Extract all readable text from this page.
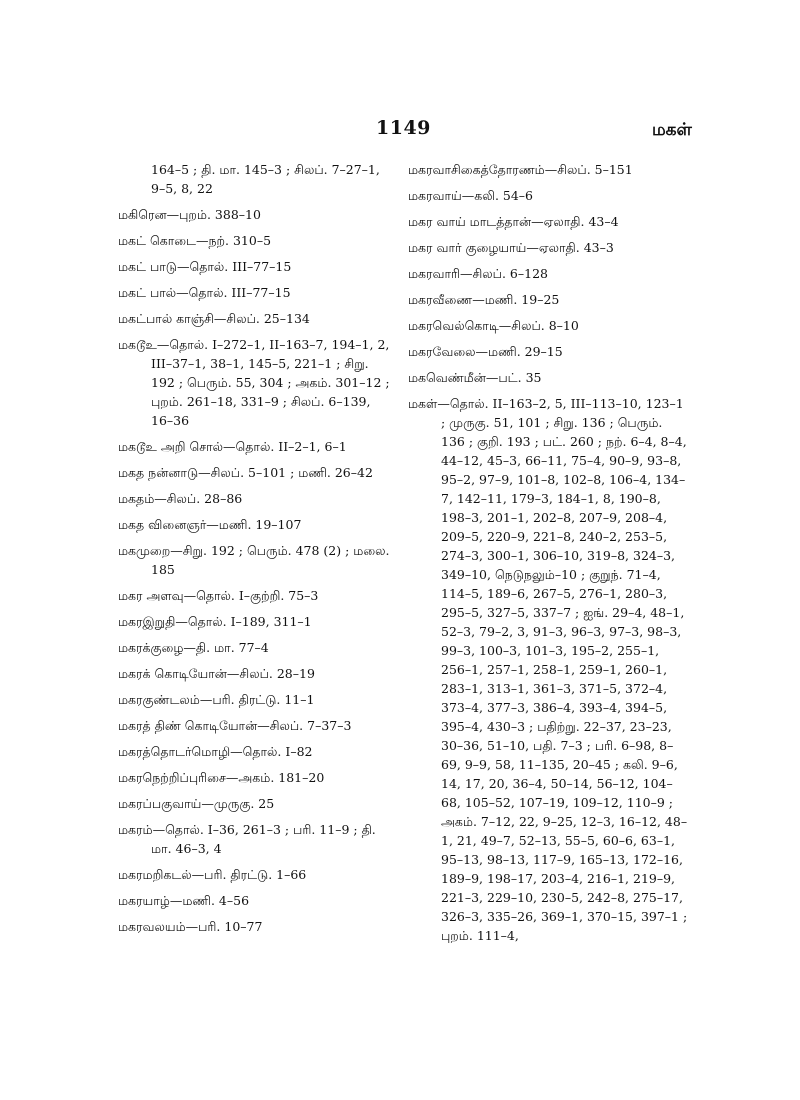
1149	மகள்
164–5 ; தி. மா. 145–3 ; சிலப். 7–27–1, 9–5, 8, 22
மகிரென—புறம். 388–10
மகட் கொடை—நற். 310–5
மகட் பாடு—தொல். III–77–15
மகட் பால்—தொல். III–77–15
மகட்பால் காஞ்சி—சிலப். 25–134
மகடூஉ—தொல். I–272–1, II–163–7, 194–1, 2, III–37–1, 38–1, 145–5, 221–1 ; சிறு. 192 ; பெரும். 55, 304 ; அகம். 301–12 ; புறம். 261–18, 331–9 ; சிலப். 6–139, 16–36
மகடூஉ அறி சொல்—தொல். II–2–1, 6–1
மகத நன்னாடு—சிலப். 5–101 ; மணி. 26–42
மகதம்—சிலப். 28–86
மகத வினைஞர்—மணி. 19–107
மகமுறை—சிறு. 192 ; பெரும். 478 (2) ; மலை. 185
மகர அளவு—தொல். I–குற்றி. 75–3
மகரஇறுதி—தொல். I–189, 311–1
மகரக்குழை—தி. மா. 77–4
மகரக் கொடியோன்—சிலப். 28–19
மகரகுண்டலம்—பரி. திரட்டு. 11–1
மகரத் திண் கொடியோன்—சிலப். 7–37–3
மகரத்தொடர்மொழி—தொல். I–82
மகரநெற்றிப்புரிசை—அகம். 181–20
மகரப்பகுவாய்—முருகு. 25
மகரம்—தொல். I–36, 261–3 ; பரி. 11–9 ; தி. மா. 46–3, 4
மகரமறிகடல்—பரி. திரட்டு. 1–66
மகரயாழ்—மணி. 4–56
மகரவலயம்—பரி. 10–77
மகரவாசிகைத்தோரணம்—சிலப். 5–151
மகரவாய்—கலி. 54–6
மகர வாய் மாடத்தான்—ஏலாதி. 43–4
மகர வார் குழையாய்—ஏலாதி. 43–3
மகரவாரி—சிலப். 6–128
மகரவீணை—மணி. 19–25
மகரவெல்கொடி—சிலப். 8–10
மகரவேலை—மணி. 29–15
மகவெண்மீன்—பட். 35
மகள்—தொல். II–163–2, 5, III–113–10, 123–1 ; முருகு. 51, 101 ; சிறு. 136 ; பெரும். 136 ; குறி. 193 ; பட். 260 ; நற். 6–4, 8–4, 44–12, 45–3, 66–11, 75–4, 90–9, 93–8, 95–2, 97–9, 101–8, 102–8, 106–4, 134–7, 142–11, 179–3, 184–1, 8, 190–8, 198–3, 201–1, 202–8, 207–9, 208–4, 209–5, 220–9, 221–8, 240–2, 253–5, 274–3, 300–1, 306–10, 319–8, 324–3, 349–10, நெடுநலும்–10 ; குறுந். 71–4, 114–5, 189–6, 267–5, 276–1, 280–3, 295–5, 327–5, 337–7 ; ஐங். 29–4, 48–1, 52–3, 79–2, 3, 91–3, 96–3, 97–3, 98–3, 99–3, 100–3, 101–3, 195–2, 255–1, 256–1, 257–1, 258–1, 259–1, 260–1, 283–1, 313–1, 361–3, 371–5, 372–4, 373–4, 377–3, 386–4, 393–4, 394–5, 395–4, 430–3 ; பதிற்று. 22–37, 23–23, 30–36, 51–10, பதி. 7–3 ; பரி. 6–98, 8–69, 9–9, 58, 11–135, 20–45 ; கலி. 9–6, 14, 17, 20, 36–4, 50–14, 56–12, 104–68, 105–52, 107–19, 109–12, 110–9 ; அகம். 7–12, 22, 9–25, 12–3, 16–12, 48–1, 21, 49–7, 52–13, 55–5, 60–6, 63–1, 95–13, 98–13, 117–9, 165–13, 172–16, 189–9, 198–17, 203–4, 216–1, 219–9, 221–3, 229–10, 230–5, 242–8, 275–17, 326–3, 335–26, 369–1, 370–15, 397–1 ; புறம். 111–4,
